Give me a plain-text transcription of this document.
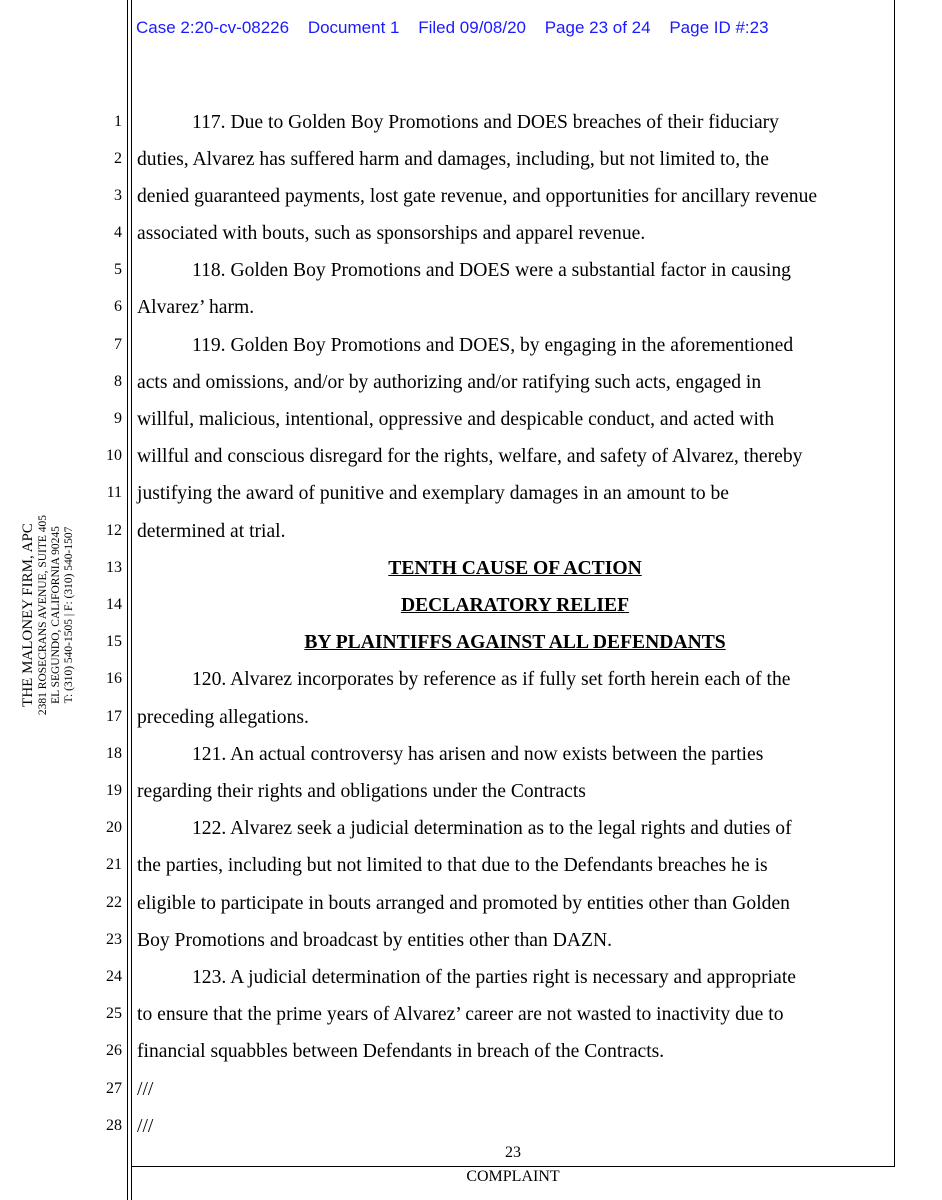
Case 2:20-cv-08226 Document 1 Filed 09/08/20 Page 23 of 24 Page ID #:23
THE MALONEY FIRM, APC 2381 ROSECRANS AVENUE, SUITE 405 EL SEGUNDO, CALIFORNIA 90245 T: (310) 540-1505 | F: (310) 540-1507
1
2
3
4
5
6
7
8
9
10
11
12
13
14
15
16
17
18
19
20
21
22
23
24
25
26
27
28
117. Due to Golden Boy Promotions and DOES breaches of their fiduciary
duties, Alvarez has suffered harm and damages, including, but not limited to, the
denied guaranteed payments, lost gate revenue, and opportunities for ancillary revenue
associated with bouts, such as sponsorships and apparel revenue.
118. Golden Boy Promotions and DOES were a substantial factor in causing
Alvarez’ harm.
119. Golden Boy Promotions and DOES, by engaging in the aforementioned
acts and omissions, and/or by authorizing and/or ratifying such acts, engaged in
willful, malicious, intentional, oppressive and despicable conduct, and acted with
willful and conscious disregard for the rights, welfare, and safety of Alvarez, thereby
justifying the award of punitive and exemplary damages in an amount to be
determined at trial.
TENTH CAUSE OF ACTION
DECLARATORY RELIEF
BY PLAINTIFFS AGAINST ALL DEFENDANTS
120. Alvarez incorporates by reference as if fully set forth herein each of the
preceding allegations.
121. An actual controversy has arisen and now exists between the parties
regarding their rights and obligations under the Contracts
122. Alvarez seek a judicial determination as to the legal rights and duties of
the parties, including but not limited to that due to the Defendants breaches he is
eligible to participate in bouts arranged and promoted by entities other than Golden
Boy Promotions and broadcast by entities other than DAZN.
123. A judicial determination of the parties right is necessary and appropriate
to ensure that the prime years of Alvarez’ career are not wasted to inactivity due to
financial squabbles between Defendants in breach of the Contracts.
///
///
23
COMPLAINT
